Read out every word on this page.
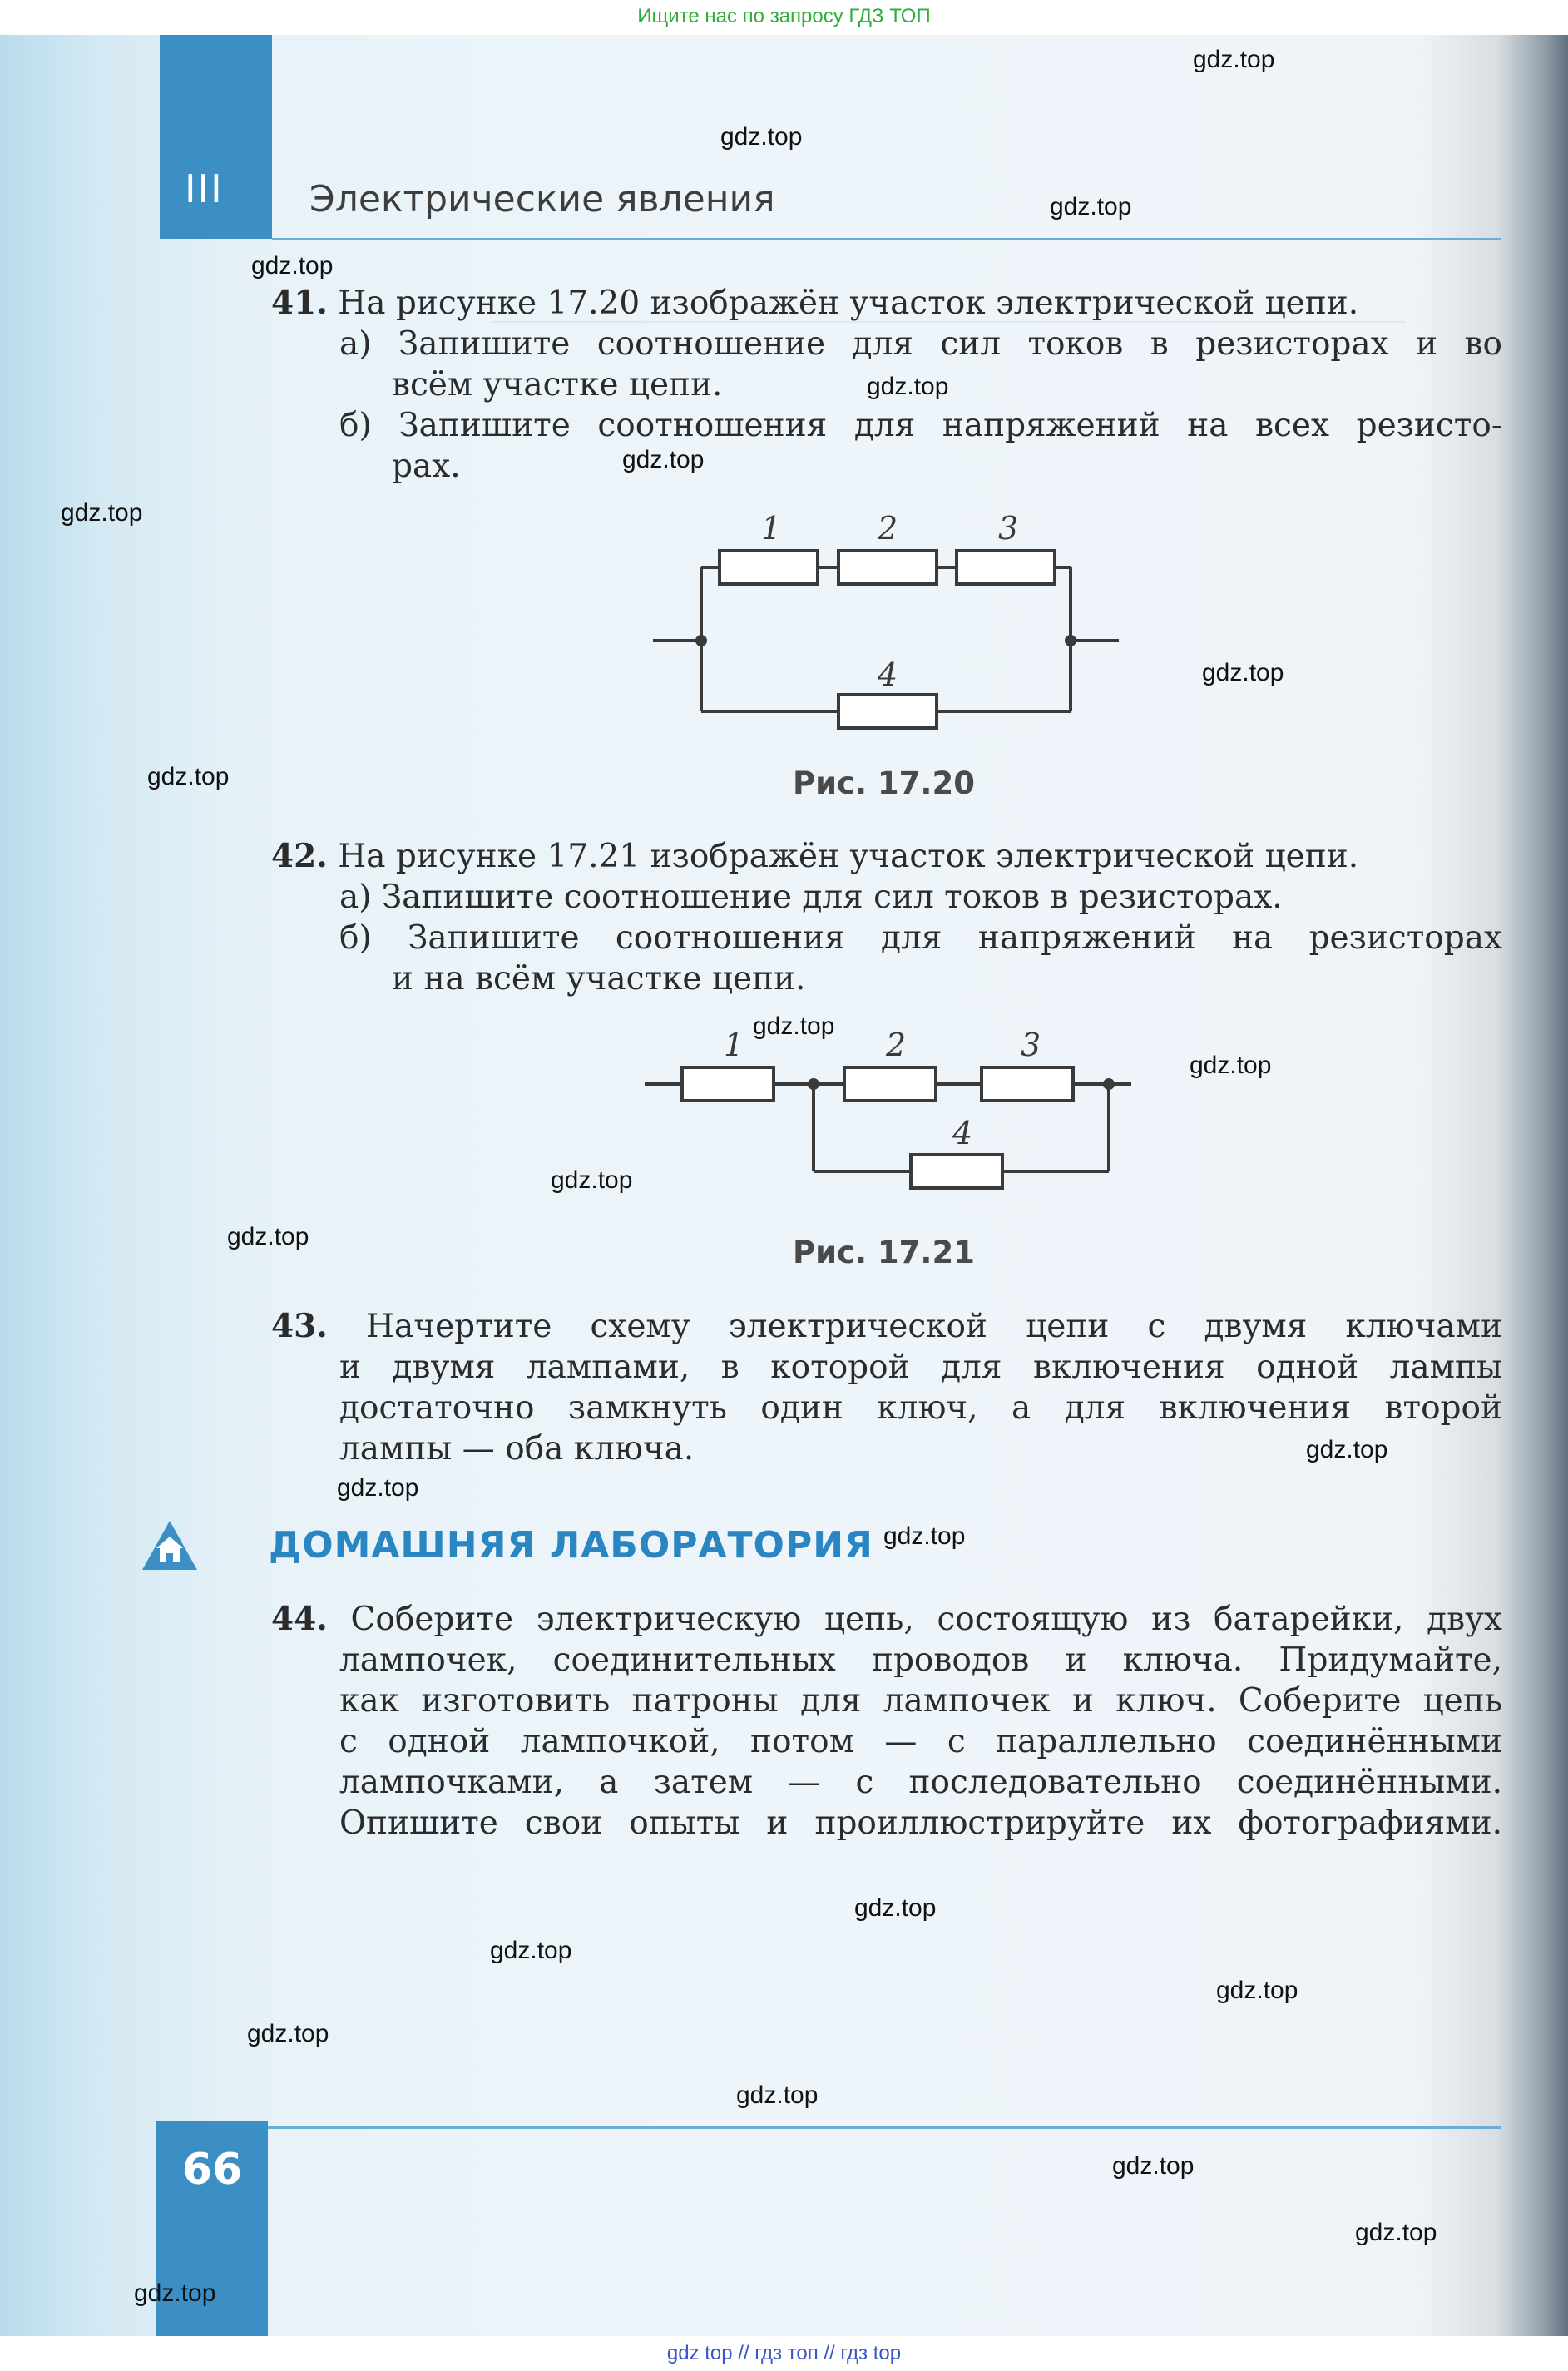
Ищите нас по запросу ГДЗ ТОП
III	Электрические явления
41. На рисунке 17.20 изображён участок электрической цепи.
а) Запишите соотношение для сил токов в резисторах и во
всём участке цепи.
б) Запишите соотношения для напряжений на всех резисто-
рах.
1	2	3
4
Рис. 17.20
42. На рисунке 17.21 изображён участок электрической цепи.
а) Запишите соотношение для сил токов в резисторах.
б) Запишите соотношения для напряжений на резисторах
и на всём участке цепи.
1	2	3
4
Рис. 17.21
43. Начертите схему электрической цепи с двумя ключами
и двумя лампами, в которой для включения одной лампы
достаточно замкнуть один ключ, а для включения второй
лампы — оба ключа.
ДОМАШНЯЯ ЛАБОРАТОРИЯ
44. Соберите электрическую цепь, состоящую из батарейки, двух
лампочек, соединительных проводов и ключа. Придумайте,
как изготовить патроны для лампочек и ключ. Соберите цепь
с одной лампочкой, потом — с параллельно соединёнными
лампочками, а затем — с последовательно соединёнными.
Опишите свои опыты и проиллюстрируйте их фотографиями.
66
gdz.top
gdz.top
gdz.top
gdz.top
gdz.top
gdz.top
gdz.top
gdz.top
gdz.top
gdz.top
gdz.top
gdz.top
gdz.top
gdz.top
gdz.top
gdz.top
gdz.top
gdz.top
gdz.top
gdz.top
gdz.top
gdz.top
gdz.top
gdz.top
gdz top // гдз топ // гдз top
